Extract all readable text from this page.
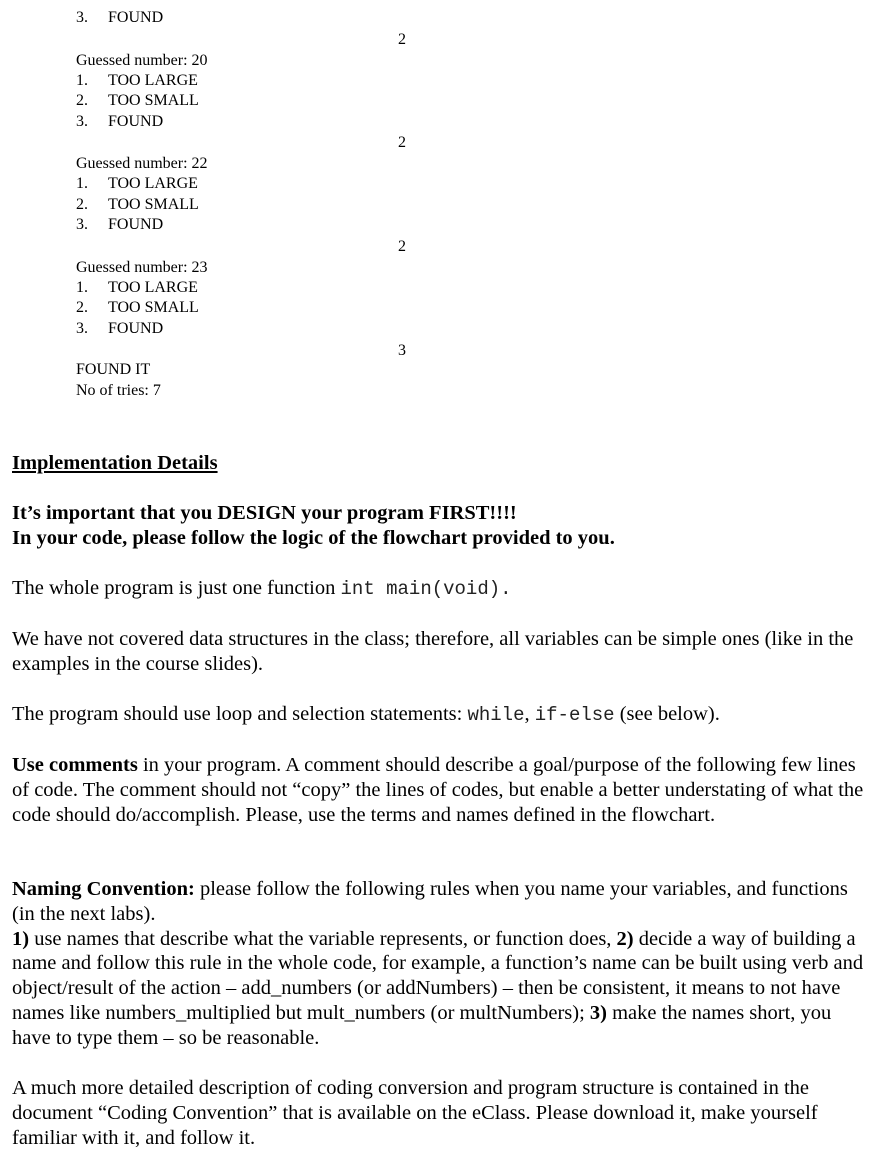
3. FOUND
2
Guessed number: 20
1. TOO LARGE
2. TOO SMALL
3. FOUND
2
Guessed number: 22
1. TOO LARGE
2. TOO SMALL
3. FOUND
2
Guessed number: 23
1. TOO LARGE
2. TOO SMALL
3. FOUND
3
FOUND IT
No of tries: 7
Implementation Details
It’s important that you DESIGN your program FIRST!!!!
In your code, please follow the logic of the flowchart provided to you.
The whole program is just one function int main(void).
We have not covered data structures in the class; therefore, all variables can be simple ones (like in the examples in the course slides).
The program should use loop and selection statements: while, if-else (see below).
Use comments in your program. A comment should describe a goal/purpose of the following few lines of code. The comment should not “copy” the lines of codes, but enable a better understating of what the code should do/accomplish. Please, use the terms and names defined in the flowchart.
Naming Convention: please follow the following rules when you name your variables, and functions (in the next labs).
1) use names that describe what the variable represents, or function does, 2) decide a way of building a name and follow this rule in the whole code, for example, a function’s name can be built using verb and object/result of the action – add_numbers (or addNumbers) – then be consistent, it means to not have names like numbers_multiplied but mult_numbers (or multNumbers); 3) make the names short, you have to type them – so be reasonable.
A much more detailed description of coding conversion and program structure is contained in the document “Coding Convention” that is available on the eClass. Please download it, make yourself familiar with it, and follow it.
